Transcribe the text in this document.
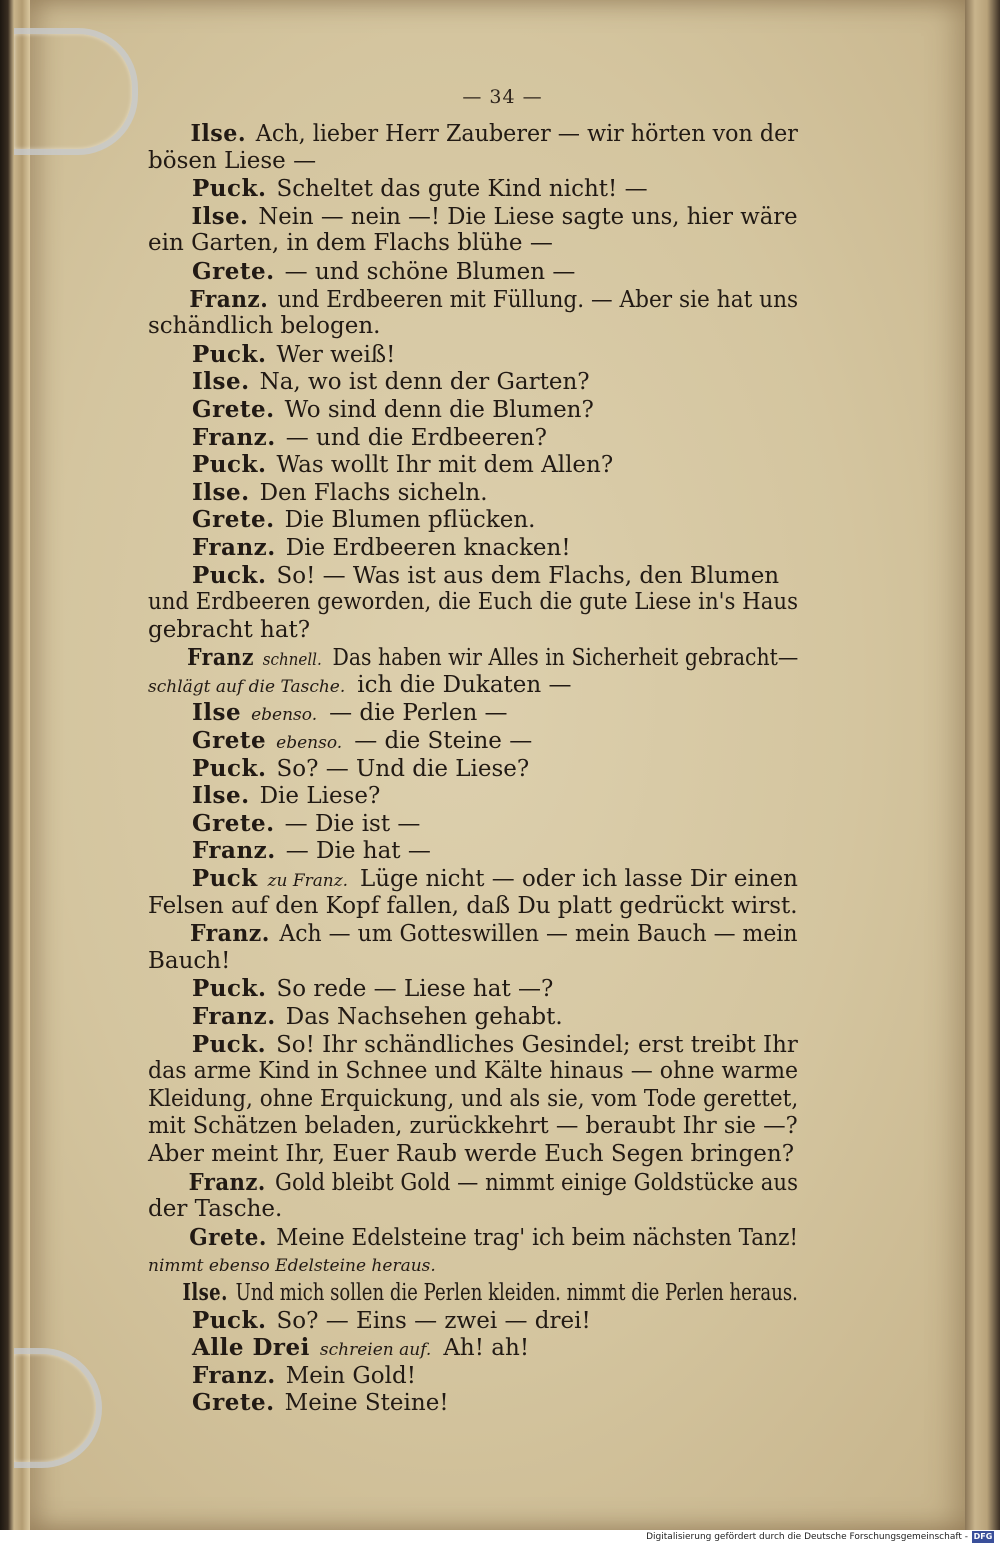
— 34 —
Ilse. Ach, lieber Herr Zauberer — wir hörten von der
bösen Liese —
Puck. Scheltet das gute Kind nicht! —
Ilse. Nein — nein —! Die Liese sagte uns, hier wäre
ein Garten, in dem Flachs blühe —
Grete. — und schöne Blumen —
Franz. und Erdbeeren mit Füllung. — Aber sie hat uns
schändlich belogen.
Puck. Wer weiß!
Ilse. Na, wo ist denn der Garten?
Grete. Wo sind denn die Blumen?
Franz. — und die Erdbeeren?
Puck. Was wollt Ihr mit dem Allen?
Ilse. Den Flachs sicheln.
Grete. Die Blumen pflücken.
Franz. Die Erdbeeren knacken!
Puck. So! — Was ist aus dem Flachs, den Blumen
und Erdbeeren geworden, die Euch die gute Liese in's Haus
gebracht hat?
Franz schnell. Das haben wir Alles in Sicherheit gebracht—
schlägt auf die Tasche. ich die Dukaten —
Ilse ebenso. — die Perlen —
Grete ebenso. — die Steine —
Puck. So? — Und die Liese?
Ilse. Die Liese?
Grete. — Die ist —
Franz. — Die hat —
Puck zu Franz. Lüge nicht — oder ich lasse Dir einen
Felsen auf den Kopf fallen, daß Du platt gedrückt wirst.
Franz. Ach — um Gotteswillen — mein Bauch — mein
Bauch!
Puck. So rede — Liese hat —?
Franz. Das Nachsehen gehabt.
Puck. So! Ihr schändliches Gesindel; erst treibt Ihr
das arme Kind in Schnee und Kälte hinaus — ohne warme
Kleidung, ohne Erquickung, und als sie, vom Tode gerettet,
mit Schätzen beladen, zurückkehrt — beraubt Ihr sie —?
Aber meint Ihr, Euer Raub werde Euch Segen bringen?
Franz. Gold bleibt Gold — nimmt einige Goldstücke aus
der Tasche.
Grete. Meine Edelsteine trag' ich beim nächsten Tanz!
nimmt ebenso Edelsteine heraus.
Ilse. Und mich sollen die Perlen kleiden. nimmt die Perlen heraus.
Puck. So? — Eins — zwei — drei!
Alle Drei schreien auf. Ah! ah!
Franz. Mein Gold!
Grete. Meine Steine!
Digitalisierung gefördert durch die Deutsche Forschungsgemeinschaft - DFG
